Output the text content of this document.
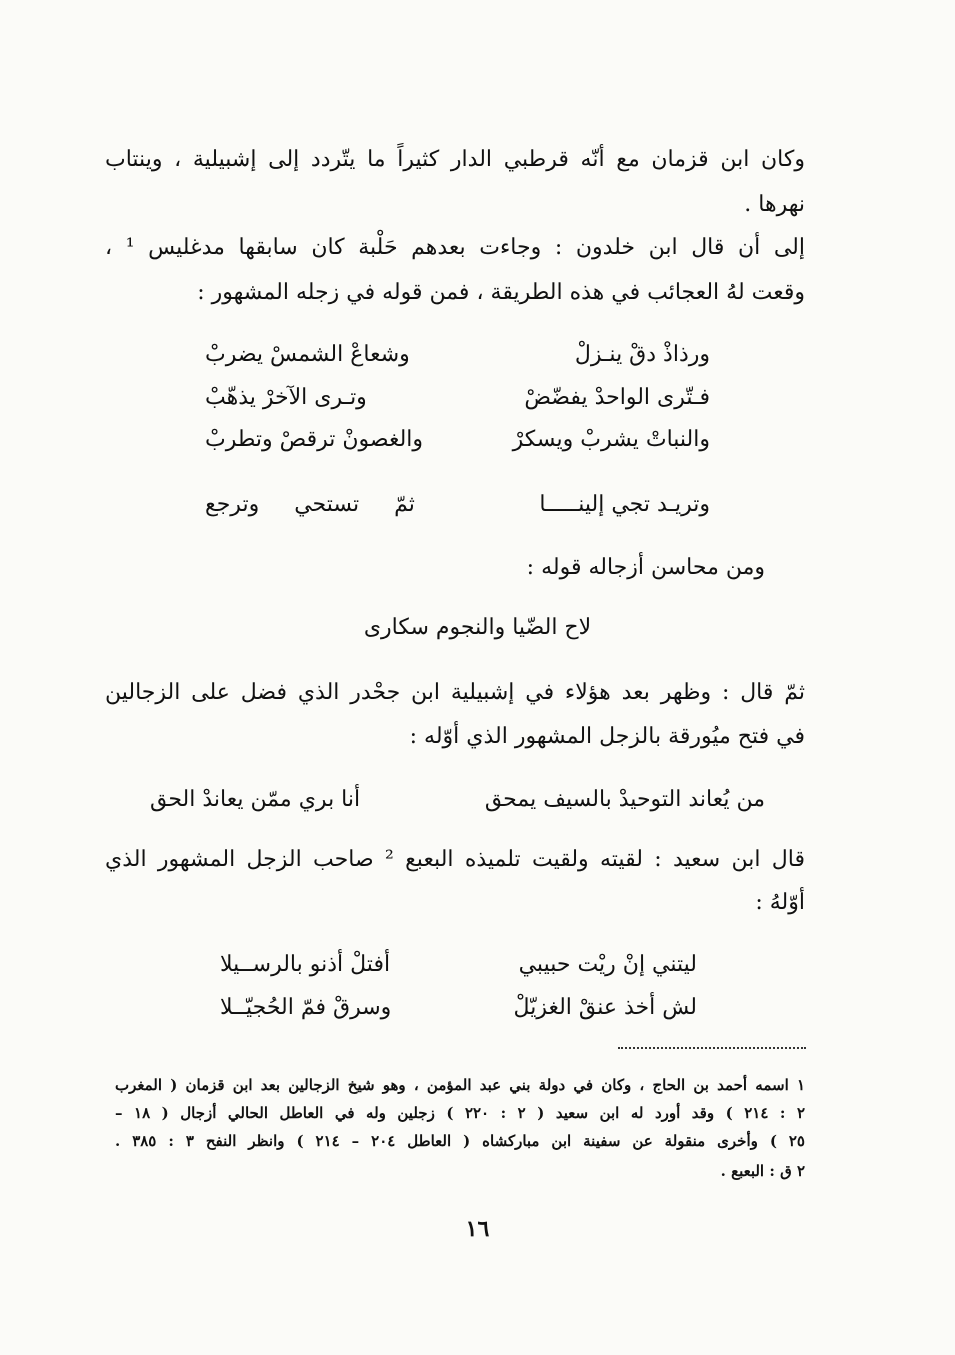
وكان ابن قزمان مع أنّه قرطبي الدار كثيراً ما يتّردد إلى إشبيلية ، وينتاب
نهرها .
إلى أن قال ابن خلدون : وجاءت بعدهم حَلْبة كان سابقها مدغليس ¹ ،
وقعت لهُ العجائب في هذه الطريقة ، فمن قوله في زجله المشهور :
ورذاذْ دقْ ينـزلْ
وشعاعْ الشمسْ يضربْ
فـتّرى الواحدْ يفضّضْ
وتـرى الآخرْ يذهّبْ
والنباتْ يشربْ ويسكرْ
والغصونْ ترقصْ وتطربْ
وتريـد تجي إلينـــــا
ثمّ تستحي وترجع
ومن محاسن أزجاله قوله :
لاح الضّيا والنجوم سكارى
ثمّ قال : وظهر بعد هؤلاء في إشبيلية ابن جحْدر الذي فضل على الزجالين
في فتح ميُورقة بالزجل المشهور الذي أوّله :
من يُعاند التوحيدْ بالسيف يمحق
أنا بري ممّن يعاندْ الحق
قال ابن سعيد : لقيته ولقيت تلميذه البعبع ² صاحب الزجل المشهور الذي
أوّلهُ :
ليتني إنْ ريْت حبيبي
أفتلْ أذنو بالرســيلا
لش أخذ عنقْ الغزيّلْ
وسرقْ فمّ الحُجيّــلا
١ اسمه أحمد بن الحاج ، وكان في دولة بني عبد المؤمن ، وهو شيخ الزجالين بعد ابن قزمان ( المغرب
٢ : ٢١٤ ) وقد أورد له ابن سعيد ( ٢ : ٢٢٠ ) زجلين وله في العاطل الحالي أزجال ( ١٨ –
٢٥ ) وأخرى منقولة عن سفينة ابن مباركشاه ( العاطل ٢٠٤ – ٢١٤ ) وانظر النفح ٣ : ٣٨٥ .
٢ ق : البعبع .
١٦
